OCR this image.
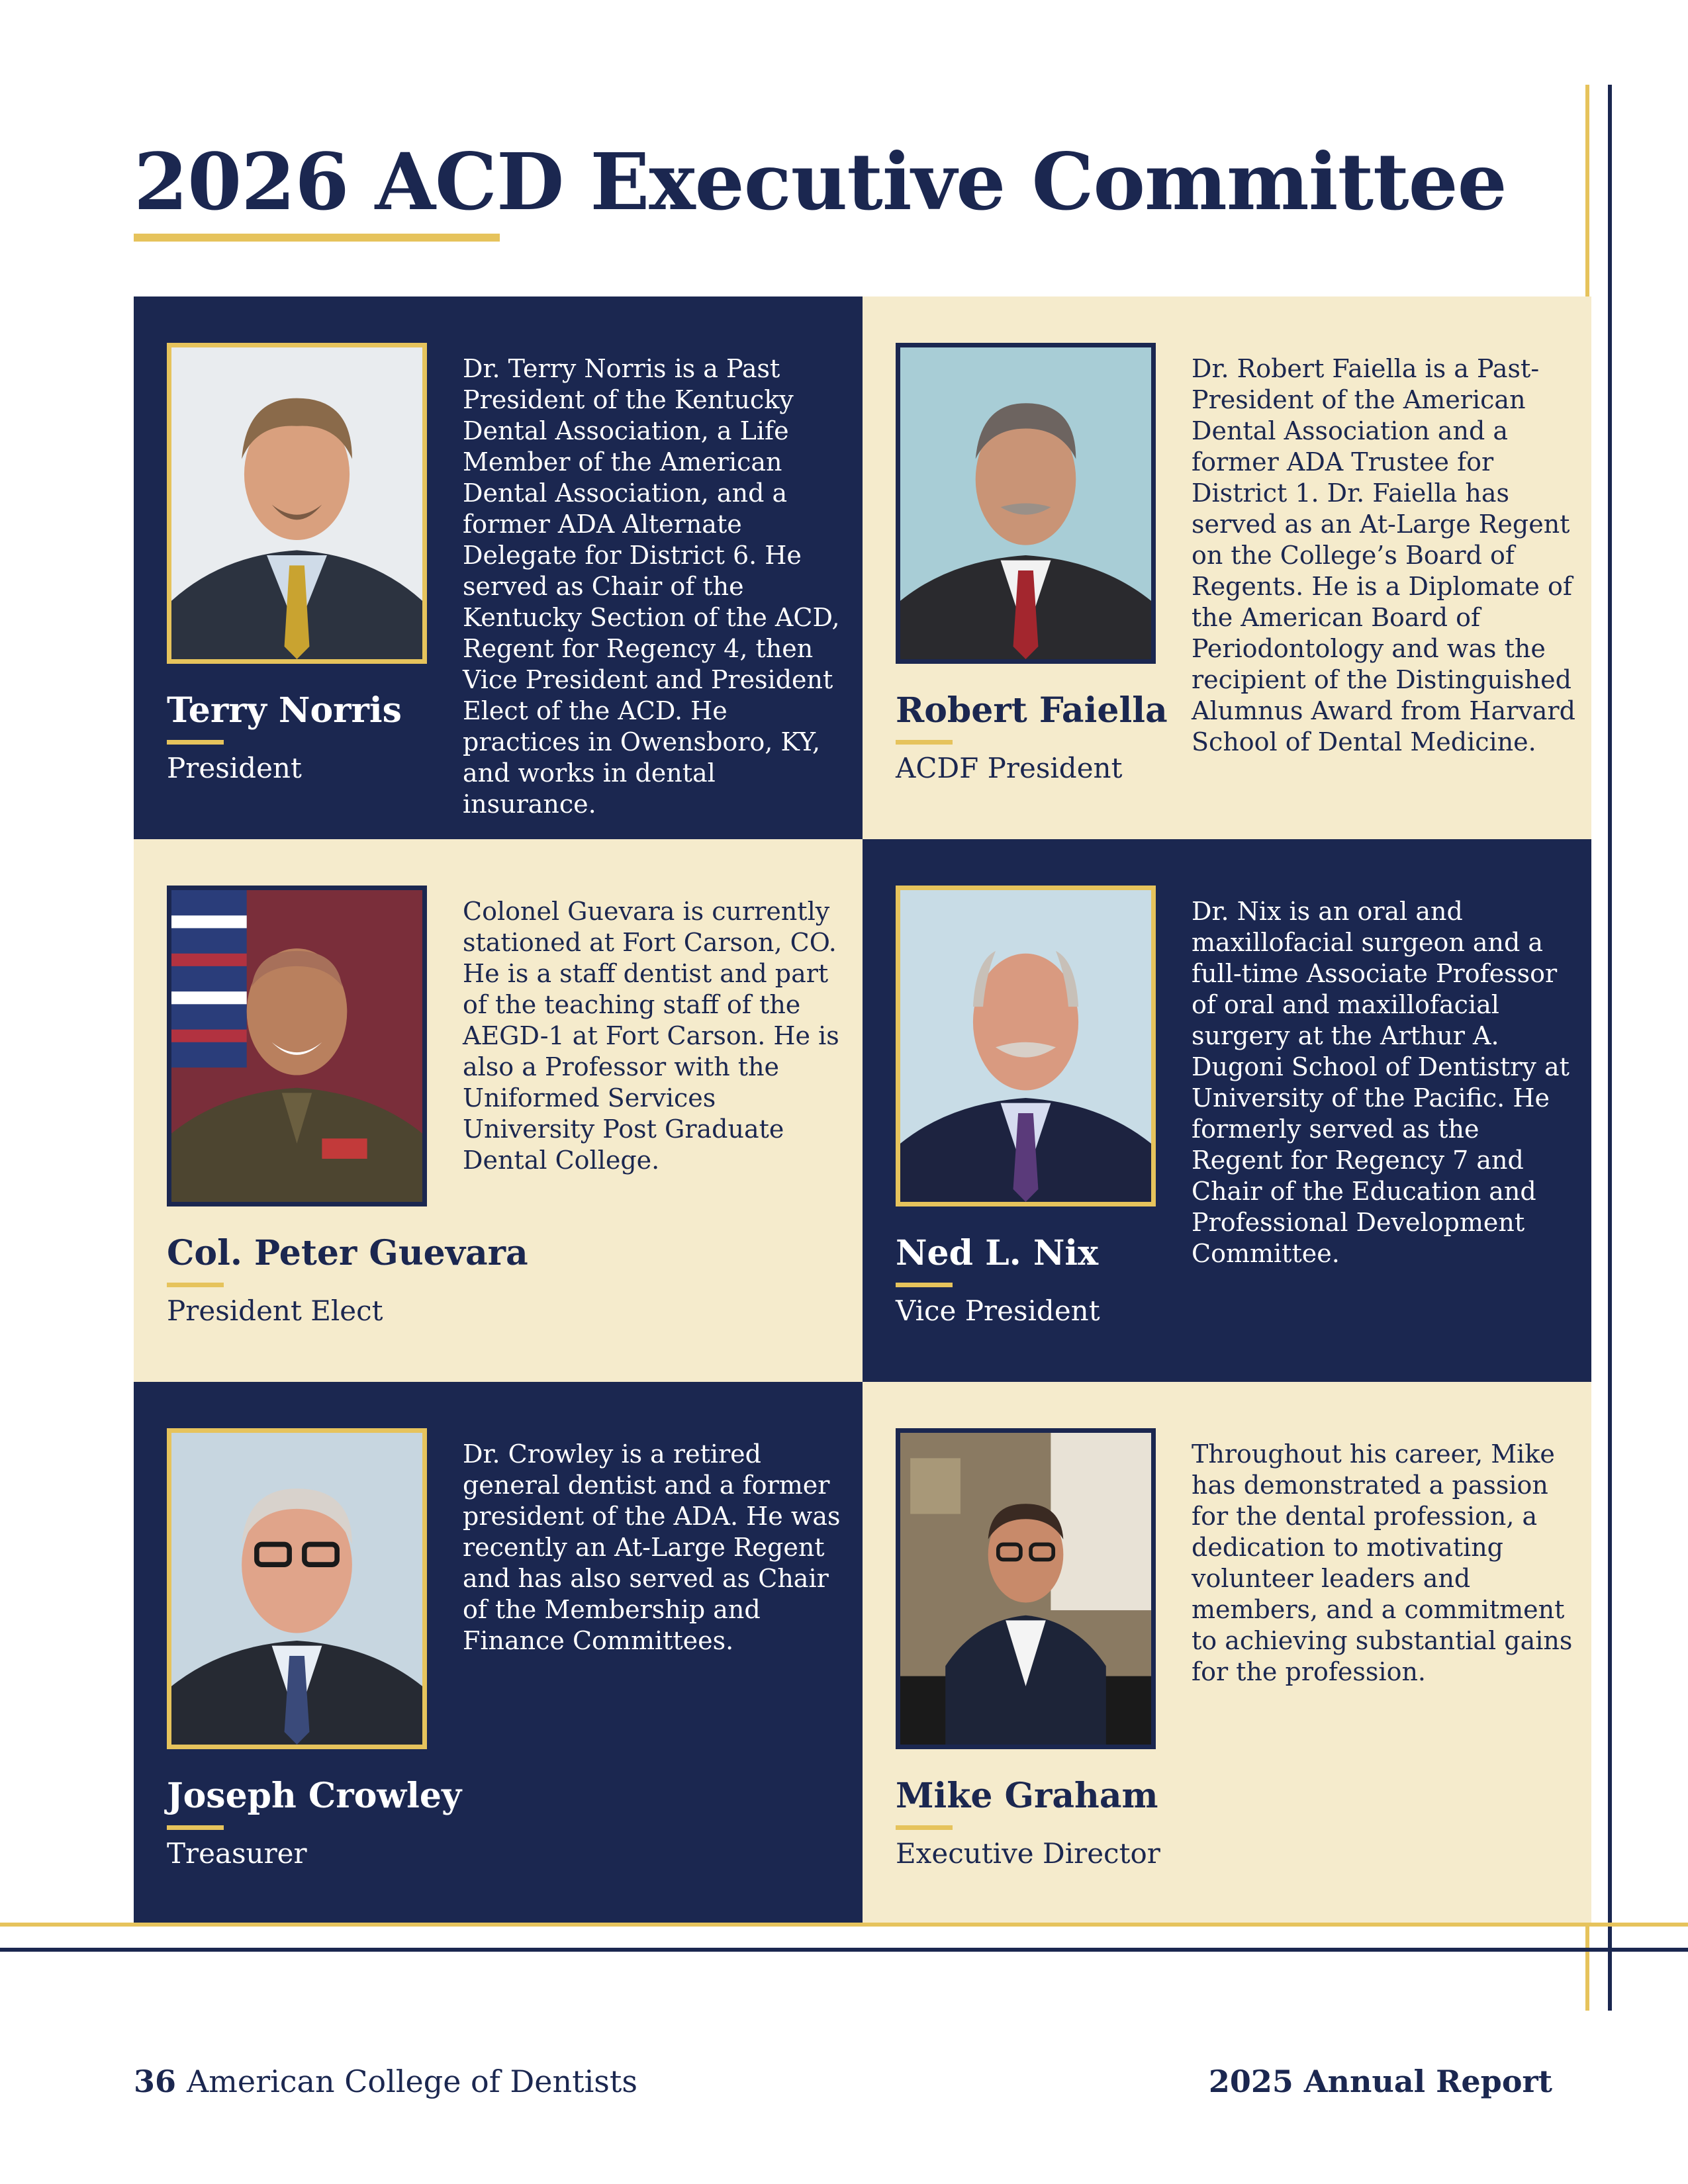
2026 ACD Executive Committee
Dr. Terry Norris is a Past President of the Kentucky Dental Association, a Life Member of the American Dental Association, and a former ADA Alternate Delegate for District 6. He served as Chair of the Kentucky Section of the ACD, Regent for Regency 4, then Vice President and President Elect of the ACD. He practices in Owensboro, KY, and works in dental insurance.
Terry Norris
President
Dr. Robert Faiella is a Past-President of the American Dental Association and a former ADA Trustee for District 1. Dr. Faiella has served as an At-Large Regent on the College’s Board of Regents. He is a Diplomate of the American Board of Periodontology and was the recipient of the Distinguished Alumnus Award from Harvard School of Dental Medicine.
Robert Faiella
ACDF President
Colonel Guevara is currently stationed at Fort Carson, CO. He is a staff dentist and part of the teaching staff of the AEGD-1 at Fort Carson. He is also a Professor with the Uniformed Services University Post Graduate Dental College.
Col. Peter Guevara
President Elect
Dr. Nix is an oral and maxillofacial surgeon and a full-time Associate Professor of oral and maxillofacial surgery at the Arthur A. Dugoni School of Dentistry at University of the Pacific. He formerly served as the Regent for Regency 7 and Chair of the Education and Professional Development Committee.
Ned L. Nix
Vice President
Dr. Crowley is a retired general dentist and a former president of the ADA. He was recently an At-Large Regent and has also served as Chair of the Membership and Finance Committees.
Joseph Crowley
Treasurer
Throughout his career, Mike has demonstrated a passion for the dental profession, a dedication to motivating volunteer leaders and members, and a commitment to achieving substantial gains for the profession.
Mike Graham
Executive Director
36 American College of Dentists	2025 Annual Report
